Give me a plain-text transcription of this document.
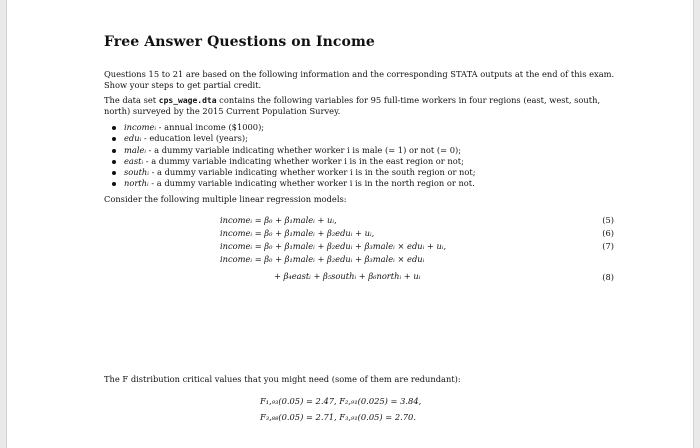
Free Answer Questions on Income

Questions 15 to 21 are based on the following information and the corresponding STATA outputs at the end of this exam. Show your steps to get partial credit.

The data set cps_wage.dta contains the following variables for 95 full-time workers in four regions (east, west, south, north) surveyed by the 2015 Current Population Survey.

incomeᵢ - annual income ($1000);
eduᵢ - education level (years);
maleᵢ - a dummy variable indicating whether worker i is male (= 1) or not (= 0);
eastᵢ - a dummy variable indicating whether worker i is in the east region or not;
southᵢ - a dummy variable indicating whether worker i is in the south region or not;
northᵢ - a dummy variable indicating whether worker i is in the north region or not.

Consider the following multiple linear regression models:

incomeᵢ = β₀ + β₁maleᵢ + uᵢ,	(5)
incomeᵢ = β₀ + β₁maleᵢ + β₂eduᵢ + uᵢ,	(6)
incomeᵢ = β₀ + β₁maleᵢ + β₂eduᵢ + β₃maleᵢ × eduᵢ + uᵢ,	(7)
incomeᵢ = β₀ + β₁maleᵢ + β₂eduᵢ + β₃maleᵢ × eduᵢ
+ β₄eastᵢ + β₅southᵢ + β₆northᵢ + uᵢ	(8)

The F distribution critical values that you might need (some of them are redundant):

F₁,₉₃(0.05) = 2.47, F₂,₉₁(0.025) = 3.84,
F₃,₈₈(0.05) = 2.71, F₃,₉₁(0.05) = 2.70.
